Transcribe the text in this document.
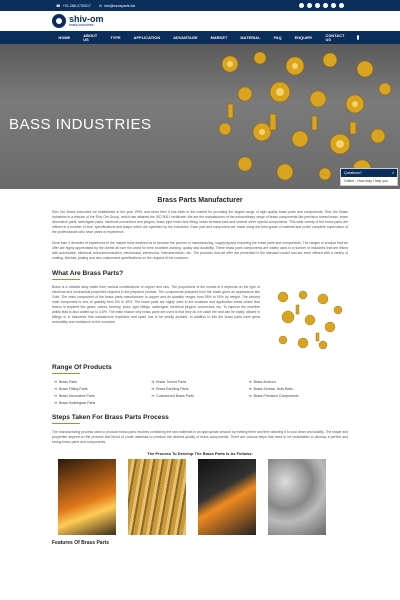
☎ +91-288-2730017 ✉ info@swosparts.biz
shiv-om
brass industries
HOME	ABOUT US	TYPE	APPLICATION	ADVANTAGE	MARKET	MATERIAL	FAQ	ENQUIRY	CONTACT US
BASS INDUSTRIES
Questions?	×
Online - How may I help you
Brass Parts Manufacturer

Shiv Om Brass Industries we established in the year 1993, and since then it has been in the market for providing the largest range of high quality brass parts and components. Shiv Om Brass Industries is a division of the Shiv Om Group, which has attained the ISO 9001 certificate. We are the manufacturer of the extraordinary range of brass components like precision turned brass, brass decorative parts, switchgear parts, electrical connectors and plugins, brass pipe insert and fitting, brass terminal bars and several other special components. This wide variety of the brass parts are offered in a number of size, specifications and shape which are specified by the industries. Each part and component are made using the best grade of material and under complete supervision of the professionals who have years of experience.

More than 2 decades of experience in the market have enabled us to become the pioneer in manufacturing, supplying and exporting the brass parts and components. The ranges of product that we offer are highly appreciated by the clients all over the world for their excellent working, quality and durability. These brass parts components are widely used in a number of industries that are linked with automobile, electrical, telecommunication, mechanical, electronics, instrumentation, etc. The products that we offer are presented in the standard model and are even offered with a variety of coating, finishes, plating and also customized specifications on the request of the customer.

What Are Brass Parts?

Brass is a metallic alloy made from various combinations of copper and zinc. The proportions of the metals in it depends on the type of electrical and mechanical properties required in the prepared product. The components prepared from the brass gives an appearance like Gold. The main component of the brass parts manufacturer is copper and its quantity ranges from 55% to 90% by weight. The second main component is zinc of quantity from 5% to 40%. The brass parts are highly used in the locations and application areas where less friction is required like gears, valves, bearing, locks, pipe fittings, switchgear, electrical plugins, connectors, etc. To improve the machine ability lead is also added up to 3.8%. The main reason why brass parts are used is that they do not catch fire and can be easily utilized in fittings or in industries that manufacture explosive and spark has to be strictly avoided. In addition to this the brass parts have great workability and resistance to the corrosion.

Range Of Products
➞ Brass Parts	➞ Brass Turned Parts	➞ Brass Anchors
➞ Brass Fitting Parts	➞ Brass Earthing Parts	➞ Brass Screws, Nuts Bolts
➞ Brass Decorative Parts	➞ Customized Brass Parts	➞ Brass Precision Components
➞ Brass Switchgear Parts
Steps Taken For Brass Parts Process

The manufacturing process used to produce brass parts involves combining the raw materials in an appropriate amount by melting them and then allowing it to cool down and solidify. The shape and properties depend on the process and blend of crude materials to produce the desired quality of brass components. There are various steps that need to be undertaken to develop a perfect and strong brass parts and components.

The Process To Develop The Brass Parts Is As Follows:
Features Of Brass Parts
